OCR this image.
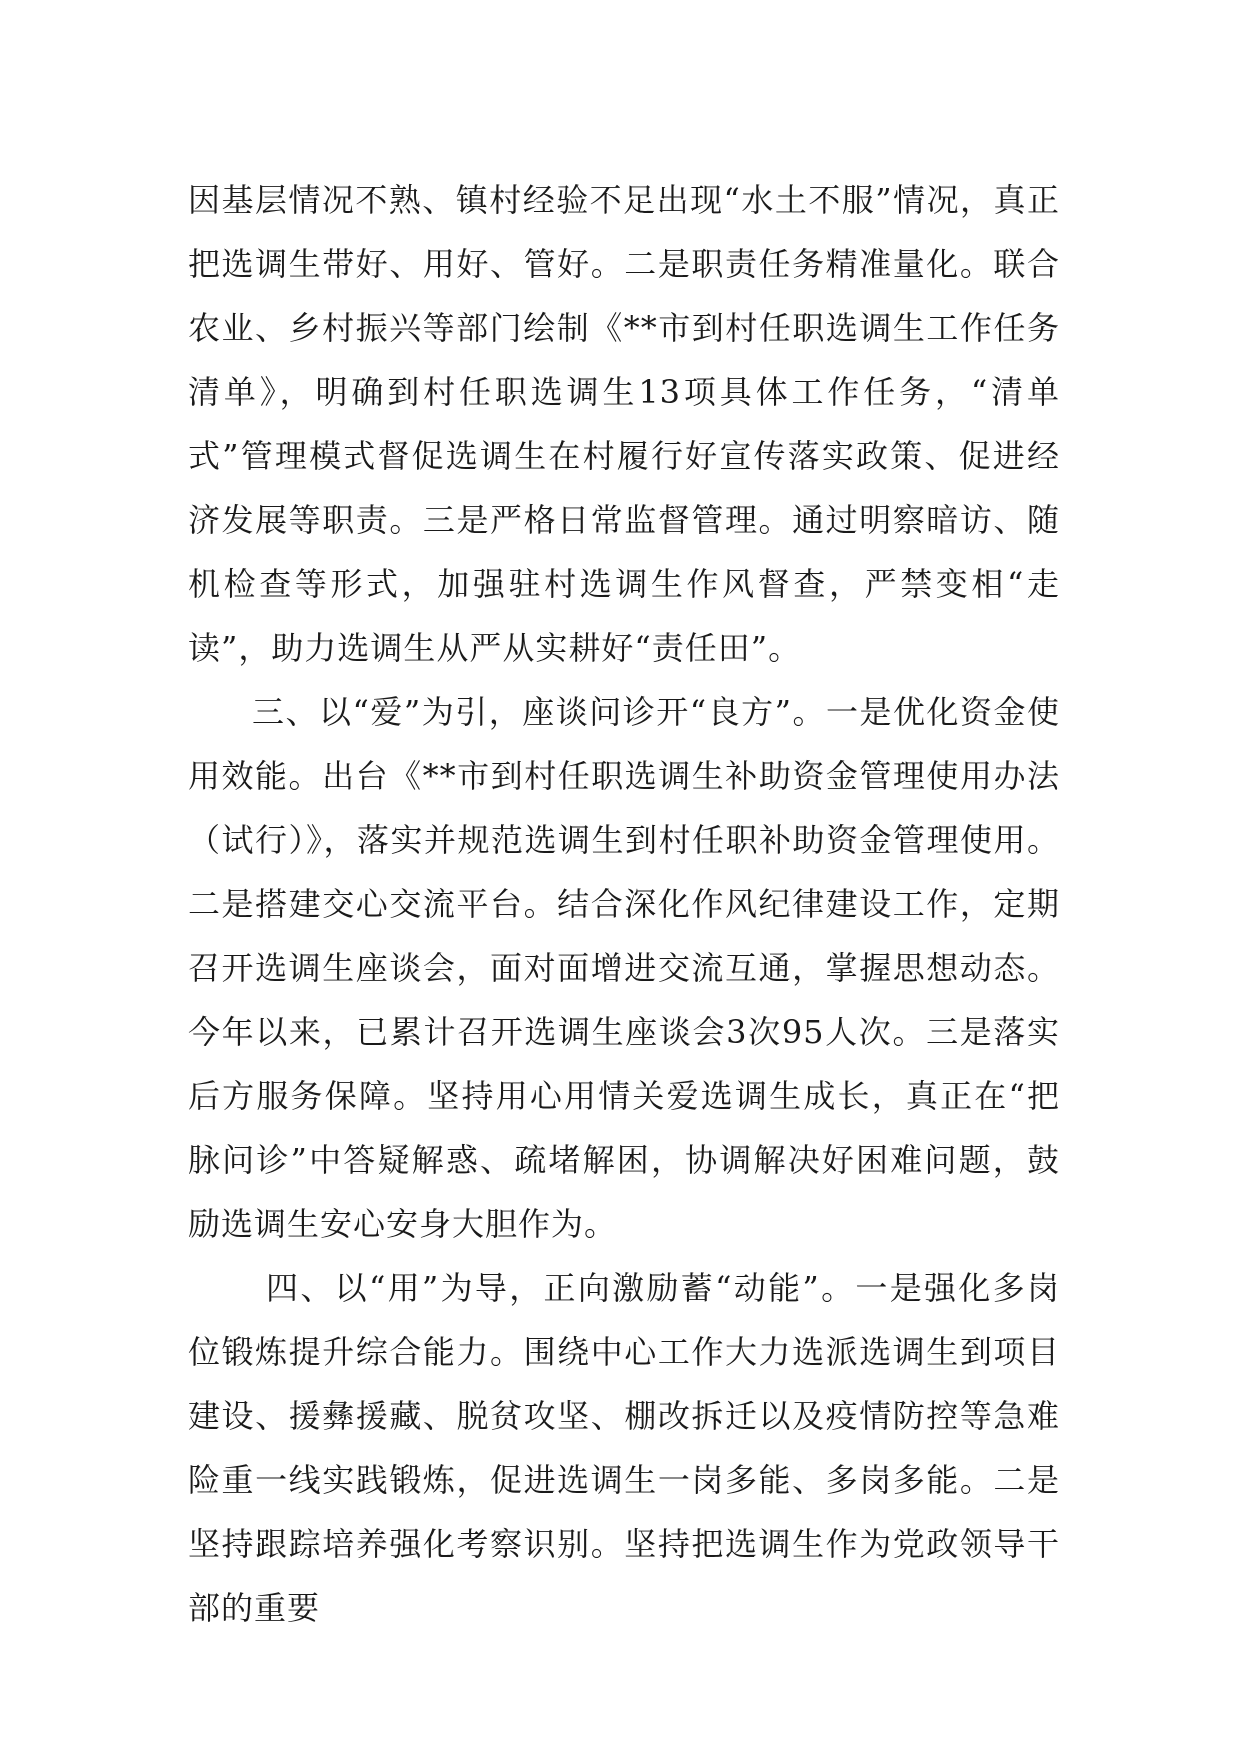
因基层情况不熟、镇村经验不足出现“水土不服”情况，真正把选调生带好、用好、管好。二是职责任务精准量化。联合农业、乡村振兴等部门绘制《**市到村任职选调生工作任务清单》，明确到村任职选调生13项具体工作任务，“清单式”管理模式督促选调生在村履行好宣传落实政策、促进经济发展等职责。三是严格日常监督管理。通过明察暗访、随机检查等形式，加强驻村选调生作风督查，严禁变相“走读”，助力选调生从严从实耕好“责任田”。

三、以“爱”为引，座谈问诊开“良方”。一是优化资金使用效能。出台《**市到村任职选调生补助资金管理使用办法（试行）》，落实并规范选调生到村任职补助资金管理使用。二是搭建交心交流平台。结合深化作风纪律建设工作，定期召开选调生座谈会，面对面增进交流互通，掌握思想动态。今年以来，已累计召开选调生座谈会3次95人次。三是落实后方服务保障。坚持用心用情关爱选调生成长，真正在“把脉问诊”中答疑解惑、疏堵解困，协调解决好困难问题，鼓励选调生安心安身大胆作为。

四、以“用”为导，正向激励蓄“动能”。一是强化多岗位锻炼提升综合能力。围绕中心工作大力选派选调生到项目建设、援彝援藏、脱贫攻坚、棚改拆迁以及疫情防控等急难险重一线实践锻炼，促进选调生一岗多能、多岗多能。二是坚持跟踪培养强化考察识别。坚持把选调生作为党政领导干部的重要
